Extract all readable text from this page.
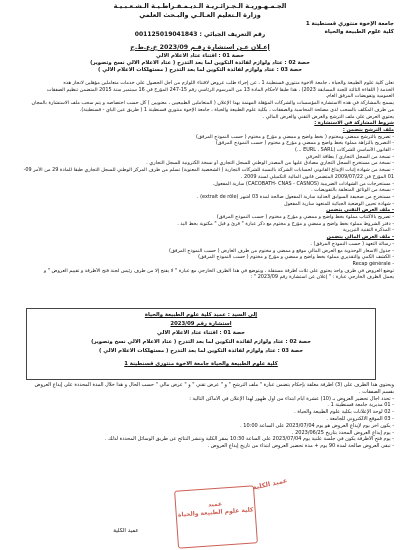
الجـمـهـوريـة الـجـزائـريـة الـديـمـقـراطـيـة الـشـعـبـيـة
وزارة الـتعليم العـالـي والبـحث العلمي
جامعة الإخوة منتوري قسنطينة 1
كلية علوم الطبيعة والحياة
رقم التعريف الجبائي : 001125019041843
إعـلان عـن استشارة رقـم 2023/09 خ.ع.ط.ح
حصة 01 : اقتناء عتاد الاعلام الالي
حصة 02 : عتاد ولوازم لفائدة التكوين لما بعد التدرج ( عتاد الاعلام الالي نسخ وتصوير)
حصة 03 : عتاد ولوازم لفائدة التكوين لما بعد التدرج ( مستهلكات الاعلام الالي )
تعلن كلية علوم الطبيعة والحياة ، جامعة الاخوة منتوري قسنطينة 1 ، عن إجراء طلب عروض لاقتناء اللوازم من أجل الحصول على خدمات متعاملين مؤهلين لانجاز هذه
الخدمة ( اللقاءة الثالثة للجنة المسابقة 2023) ، هذا طبقا لأحكام المادة 13 من المرسوم الرئاسي رقم 15-247 المؤرخ في 16 سبتمبر سنة 2015 المتضمن تنظيم الصفقات
العمومية وتفويضات المرفق العام.
يسمح بالمشاركة في هذه الاستشارة المؤسسات والشركات المؤهلة المهتمة بهذا الإعلان ( المتعاملين الطبيعيين ، معنويين ) كل حسب اختصاصه و يتم سحب ملف الاستشارة بالمجان
من طرف المكلف بالسحب لدى مصلحة المحاسبة والصفقات ، بكلية علوم الطبيعة والحياة ، جامعة الإخوة منتوري قسنطينة 1 ( طريق عين الباي - قسنطينة).
يحتوي العرض على ملف الترشح والعرض التقني والعرض المالي .
شروط المشاركة في الاستشارة :
ملف الترشح يتضمن :
- تصريح بالترشح ممضى ومختوم ( بخط واضح و ممضي و مؤرخ و مختوم ( حسب النموذج المرفق)
- التصريح بالنزاهة مملوء بخط واضح و ممضي و مؤرخ و مختوم ( حسب النموذج المرفق)
- القانون الأساسي للشركات (EURL ، SARL ...)
- نسخة من السجل التجاري / بطاقة الحرفي
- نسخة من مستخرج السجل التجاري مصادق عليها من المصدر الوطني للسجل التجاري أو نسخة الكترونية للسجل التجاري .
- نسخة من شهادة إثبات الإيداع القانوني لحسابات الشركة بالنسبة للشركات التجارية ( الشخصية المعنوية) تسلم من طرف المركز الوطني للسجل التجاري طبقا للمادة 29 من الأمر 09-
01 المؤرخ في 2009/07/22 المتضمن قانون المالية التكميلي لسنة 2009 .
- مستخرجات من الشهادات الضريبية (CACOBATH- CNAS - CASNOS) سارية المفعول.
- نسخة من الوثائق المتعلقة بالتفويضات .
- مستخرج من صحيفة السوابق العدلية سارية المفعول صالحة لمدة 03 أشهر (extrait de rôle) .
- شهادة تحيين الوضعية الجبائية للمتعهد سارية المفعول
- ملف العرض التقني يتضمن
- تصريح بالاكتتاب مملوء بخط واضح و ممضي و مؤرخ و مختوم ( حسب النموذج المرفق)
- دفتر الشروط مملوء بخط واضح و ممضي و مؤرخ و مختوم مع ذكر عبارة " قرئ و قبل " مكتوبة بخط اليد .
- المذكرة التقنية التبريرية
- ملف العرض المالي يتضمن
- رسالة التعهد ( حسب النموذج المرفق) .
- جدول الاسعار الوحدوية مع العرض المالي موقع و ممضى و مختوم من طرف العارض ( حسب النموذج المرفق)
- الكشف الكمي والتقديري مملوء بخط واضح و ممضي و مؤرخ و مختوم ( حسب النموذج المرفق)
- Recap générale
توضع العروض في ظرف واحد يحتوي على ثلاث أظرفة مستقلة ، ويتوضع في هذا الظرف الخارجي مع عبارة " لا يفتح إلا من طرف رئيس لجنة فتح الأظرفة و تقييم العروض " و
يحمل الظرف الخارجي عبارة : " إعلان عن استشارة رقم 2023/09 " :
إلى السيد : عميد كلية علوم الطبيعة والحياة
استشارة رقم 2023/09
حصة 01 : اقتناء عتاد الاعلام الالي
حصة 02 : عتاد ولوازم لفائدة التكوين لما بعد التدرج ( عتاد الاعلام الالي نسخ وتصوير)
حصة 03 : عتاد ولوازم لفائدة التكوين لما بعد التدرج ( مستهلكات الاعلام الالي )
كلية علوم الطبيعة والحياة جامعة الاخوة منتوري قسنطينة 1
ويحتوي هذا الظرف على (3) أظرفة مغلقة بإحكام يتضمن عبارة " ملف الترشح " و " عرض تقني " و " عرض مالي " حسب الحال و هذا خلال المدة المحددة على إيداع العروض
بقسم الصفقات .
- تحدد آجال تحضير العروض بـ (10) عشرة أيام ابتداء من أول ظهور لهذا الإعلان في الأماكن التالية :
- 01 مديرية جامعة قسنطينة 1 .
- 02 لوحة الإعلانات بكلية علوم الطبيعة والحياة .
- 03 الموقع الالكتروني للجامعة .
- يكون آخر يوم لإيداع العروض هو يوم 2023/07/04 على الساعة 10:00 .
- يوم إيداع العروض المحدد بتاريخ 2023/06/25 .
- يوم فتح الأظرفة يكون في جلسة علنية يوم 2023/07/04 على الساعة 10:30 بمقر الكلية وتنشر النتائج عن طريق الوسائل المحددة لذلك .
- تبقى العروض صالحة لمدة 90 يوم + مدة تحضير العروض ابتداء من تاريخ إيداع العروض .
عميد الكلية
عميد
كلية علوم الطبيعة والحياة
عميد الكلية
